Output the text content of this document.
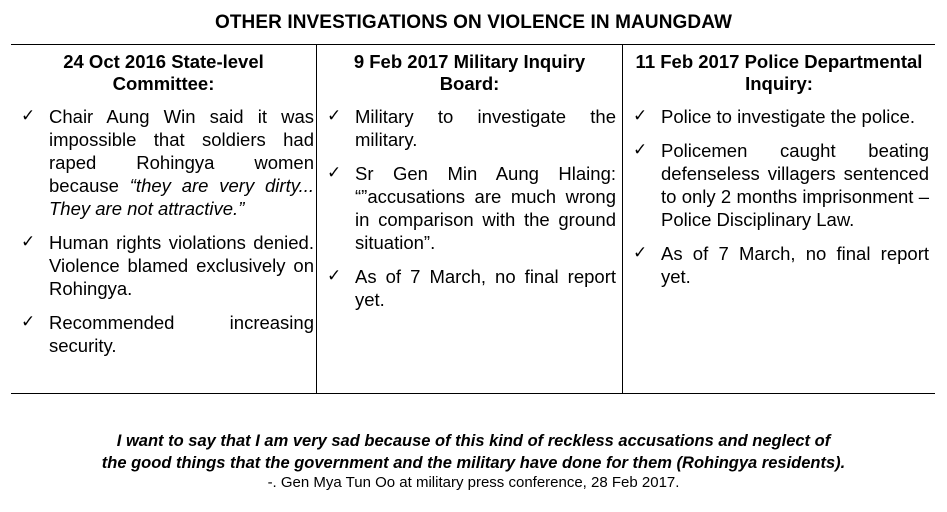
OTHER INVESTIGATIONS ON VIOLENCE IN MAUNGDAW
24 Oct 2016 State-level Committee:
✓ Chair Aung Win said it was impossible that soldiers had raped Rohingya women because “they are very dirty... They are not attractive.”
✓ Human rights violations denied. Violence blamed exclusively on Rohingya.
✓ Recommended increasing security.
9 Feb 2017 Military Inquiry Board:
✓ Military to investigate the military.
✓ Sr Gen Min Aung Hlaing: “”accusations are much wrong in comparison with the ground situation”.
✓ As of 7 March, no final report yet.
11 Feb 2017 Police Departmental Inquiry:
✓ Police to investigate the police.
✓ Policemen caught beating defenseless villagers sentenced to only 2 months imprisonment – Police Disciplinary Law.
✓ As of 7 March, no final report yet.
I want to say that I am very sad because of this kind of reckless accusations and neglect of
the good things that the government and the military have done for them (Rohingya residents).
-. Gen Mya Tun Oo at military press conference, 28 Feb 2017.
